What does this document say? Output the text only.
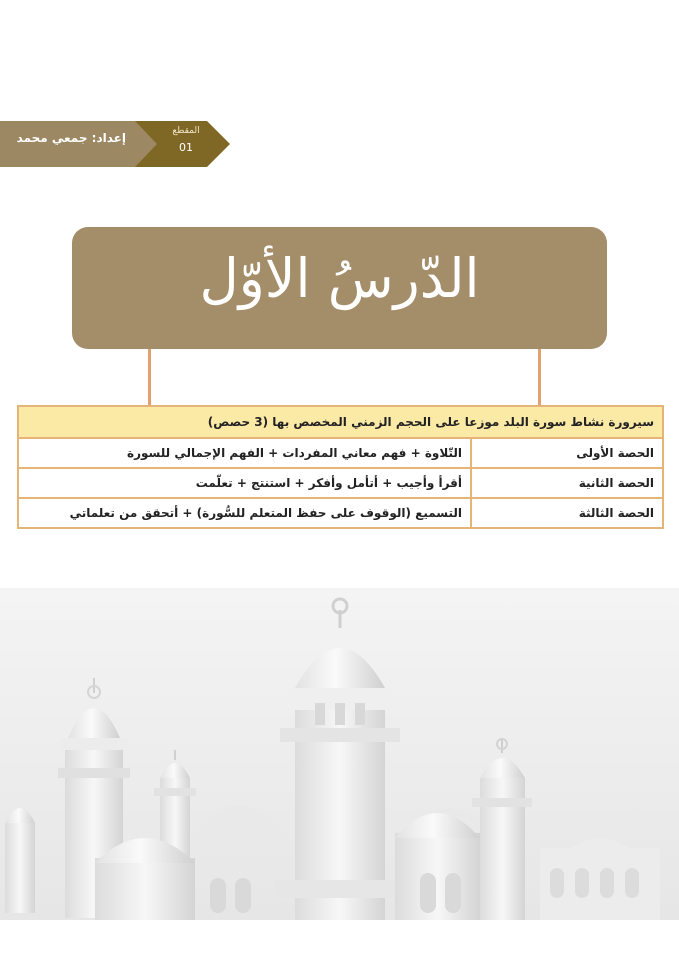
إعداد: جمعي محمد	المقطع
01
الدّرسُ الأوّل
سيرورة نشاط سورة البلد موزعا على الحجم الزمني المخصص بها (3 حصص)	
الحصة الأولى	التّلاوة + فهم معاني المفردات + الفهم الإجمالي للسورة
الحصة الثانية	أقرأ وأجيب + أتأمل وأفكر + استنتج + تعلّمت
الحصة الثالثة	التسميع (الوقوف على حفظ المتعلم للسُّورة) + أتحقق من تعلماتي
